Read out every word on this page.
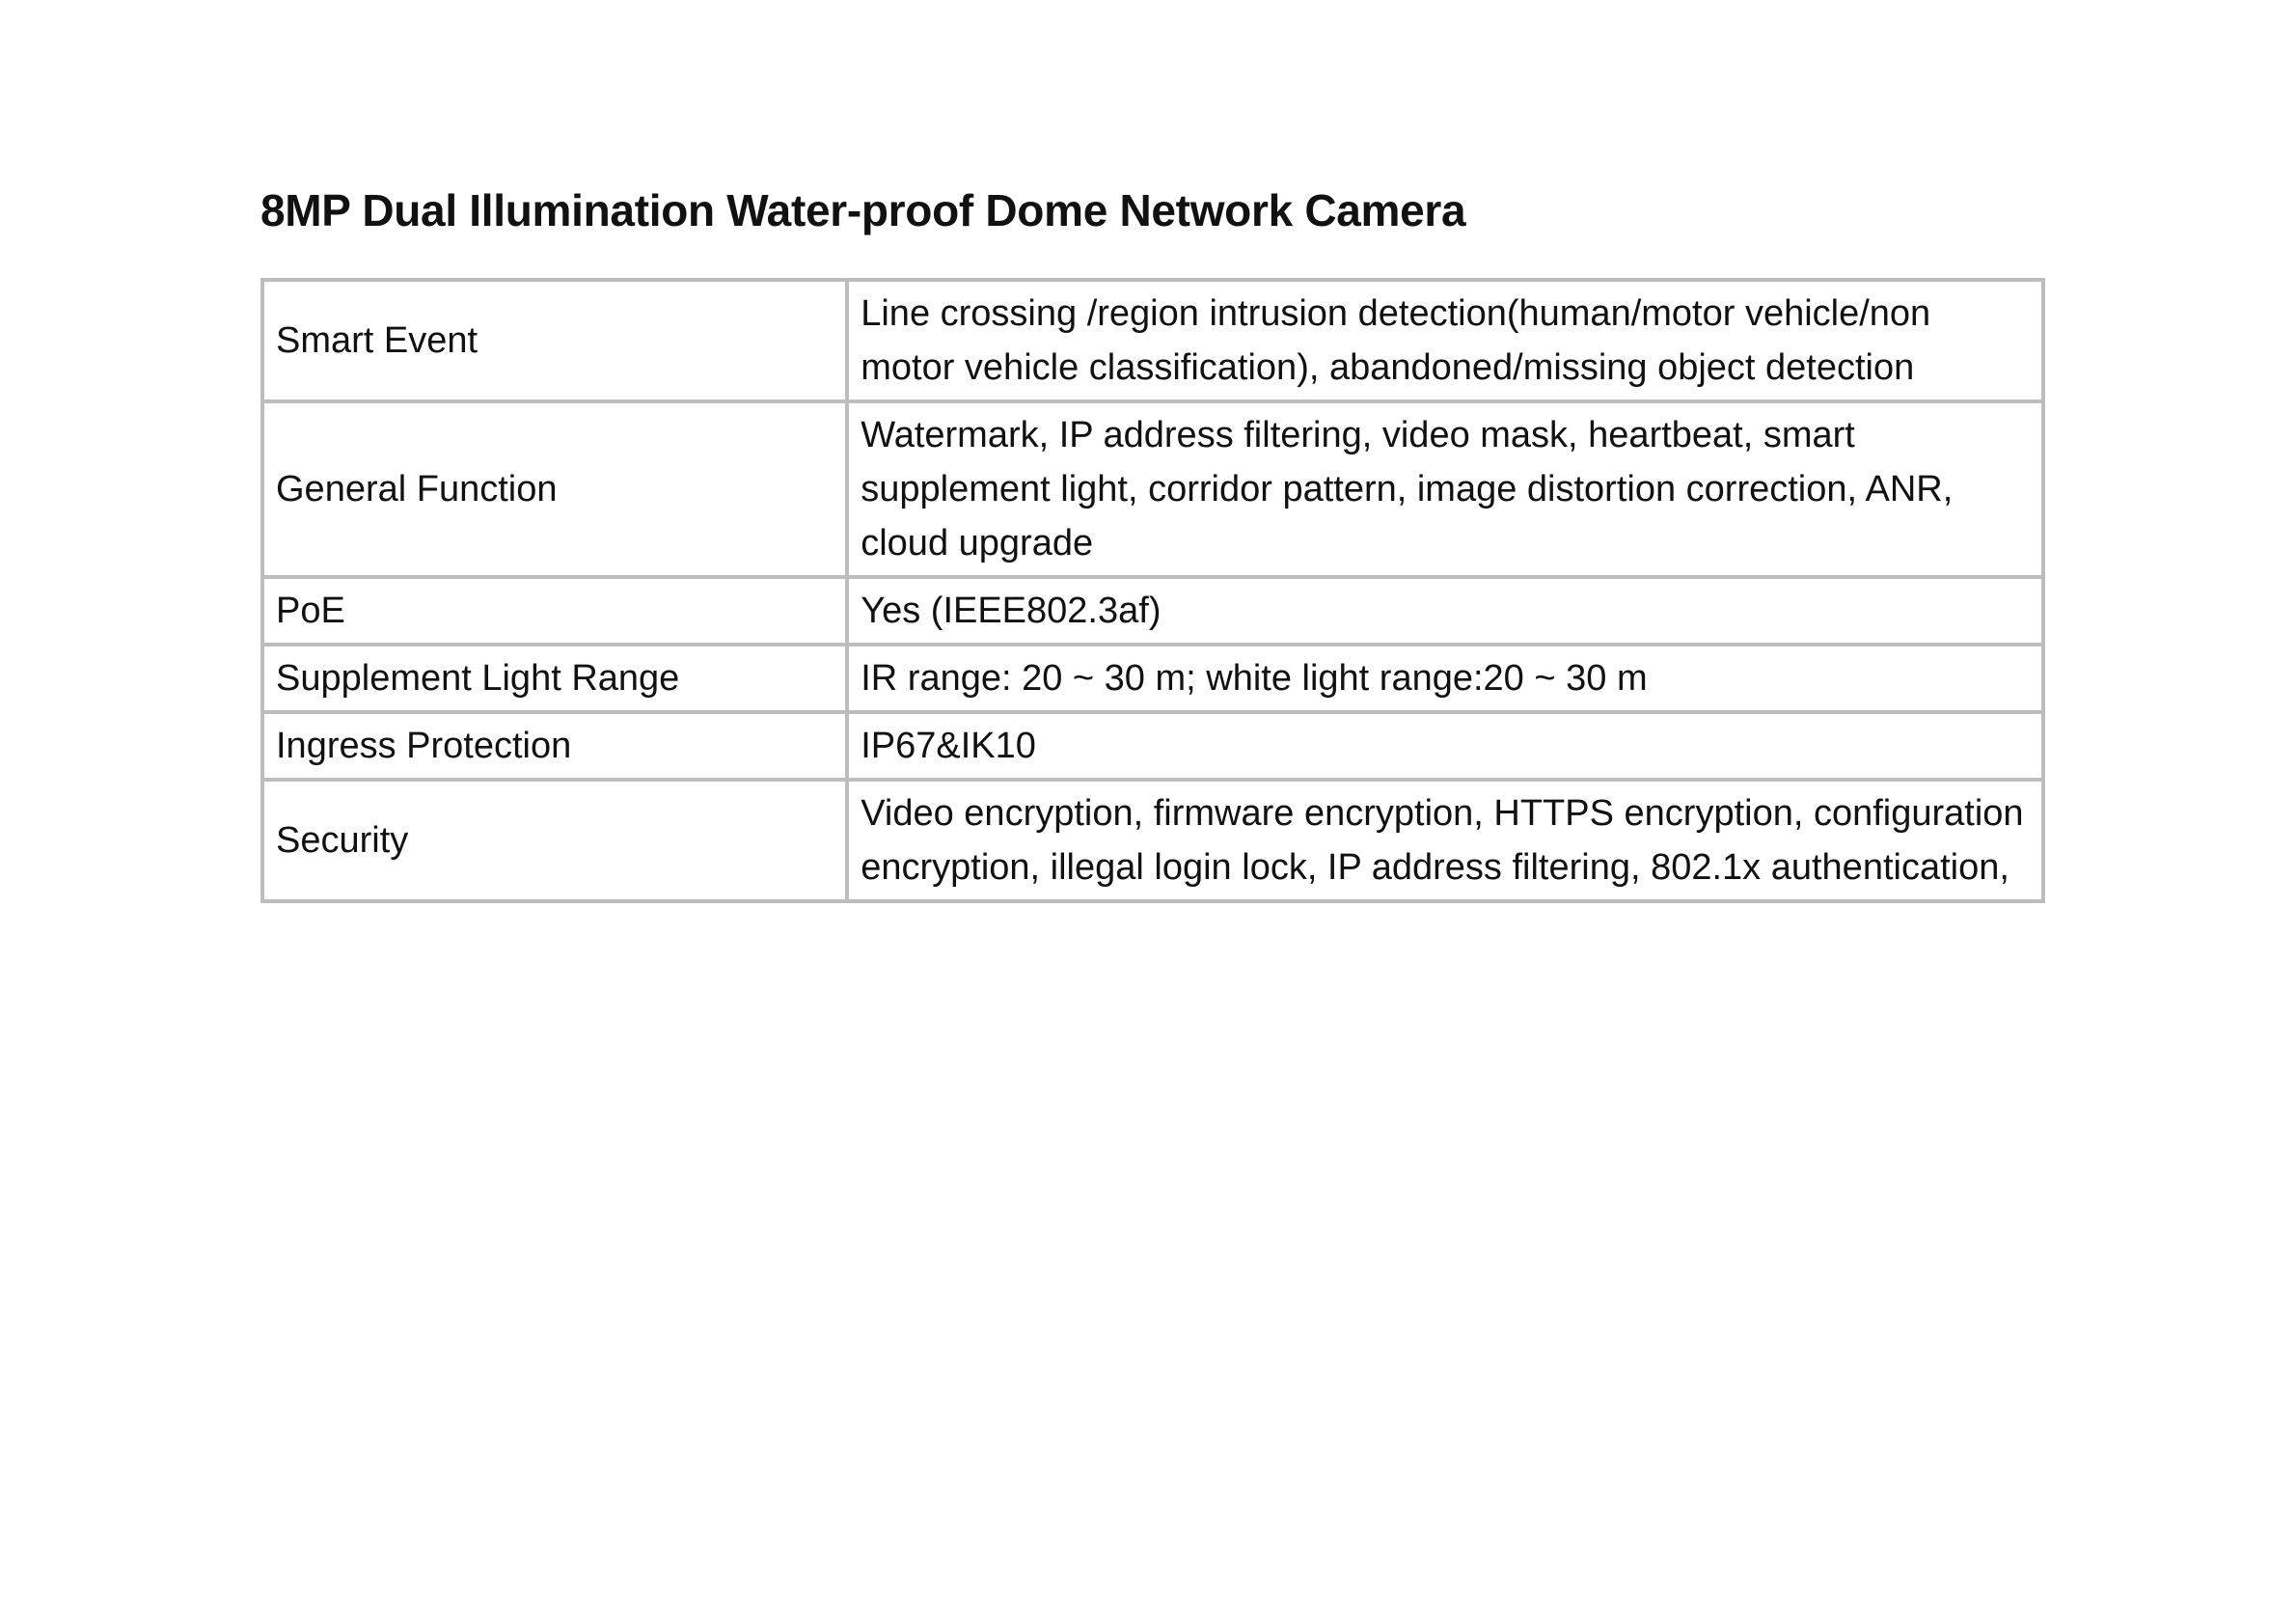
8MP Dual Illumination Water-proof Dome Network Camera
Smart Event	Line crossing /region intrusion detection(human/motor vehicle/non motor vehicle classification), abandoned/missing object detection
General Function	Watermark, IP address filtering, video mask, heartbeat, smart supplement light, corridor pattern, image distortion correction, ANR, cloud upgrade
PoE	Yes (IEEE802.3af)
Supplement Light Range	IR range: 20 ~ 30 m; white light range:20 ~ 30 m
Ingress Protection	IP67&IK10
Security	Video encryption, firmware encryption, HTTPS encryption, configuration encryption, illegal login lock, IP address filtering, 802.1x authentication,
